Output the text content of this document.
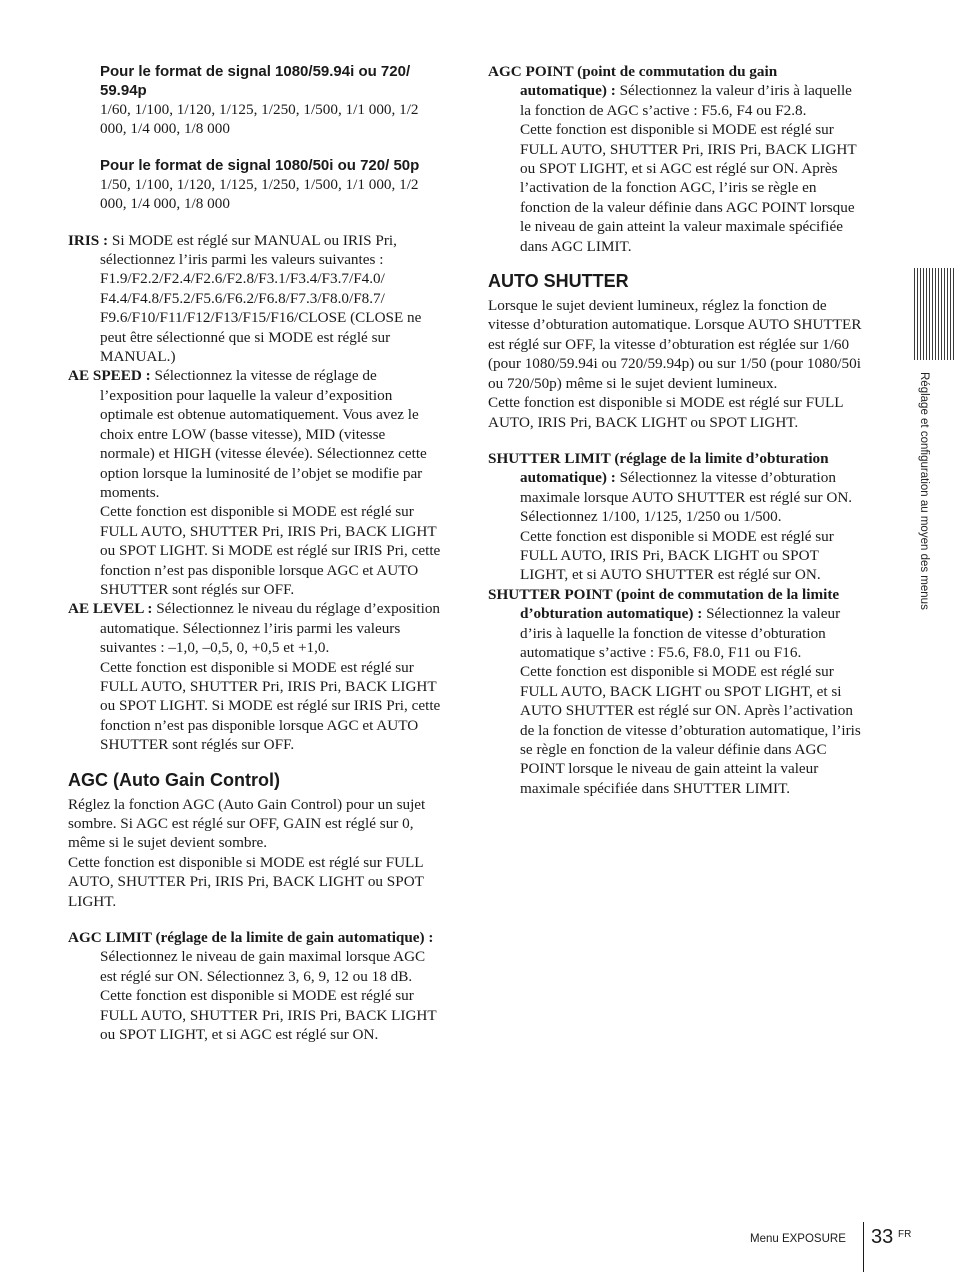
Pour le format de signal 1080/59.94i ou 720/ 59.94p
1/60, 1/100, 1/120, 1/125, 1/250, 1/500, 1/1 000, 1/2 000, 1/4 000, 1/8 000
Pour le format de signal 1080/50i ou 720/ 50p
1/50, 1/100, 1/120, 1/125, 1/250, 1/500, 1/1 000, 1/2 000, 1/4 000, 1/8 000
IRIS : Si MODE est réglé sur MANUAL ou IRIS Pri, sélectionnez l’iris parmi les valeurs suivantes : F1.9/F2.2/F2.4/F2.6/F2.8/F3.1/F3.4/F3.7/F4.0/ F4.4/F4.8/F5.2/F5.6/F6.2/F6.8/F7.3/F8.0/F8.7/ F9.6/F10/F11/F12/F13/F15/F16/CLOSE (CLOSE ne peut être sélectionné que si MODE est réglé sur MANUAL.)
AE SPEED : Sélectionnez la vitesse de réglage de l’exposition pour laquelle la valeur d’exposition optimale est obtenue automatiquement. Vous avez le choix entre LOW (basse vitesse), MID (vitesse normale) et HIGH (vitesse élevée). Sélectionnez cette option lorsque la luminosité de l’objet se modifie par moments.
Cette fonction est disponible si MODE est réglé sur FULL AUTO, SHUTTER Pri, IRIS Pri, BACK LIGHT ou SPOT LIGHT. Si MODE est réglé sur IRIS Pri, cette fonction n’est pas disponible lorsque AGC et AUTO SHUTTER sont réglés sur OFF.
AE LEVEL : Sélectionnez le niveau du réglage d’exposition automatique. Sélectionnez l’iris parmi les valeurs suivantes : –1,0, –0,5, 0, +0,5 et +1,0.
Cette fonction est disponible si MODE est réglé sur FULL AUTO, SHUTTER Pri, IRIS Pri, BACK LIGHT ou SPOT LIGHT. Si MODE est réglé sur IRIS Pri, cette fonction n’est pas disponible lorsque AGC et AUTO SHUTTER sont réglés sur OFF.
AGC (Auto Gain Control)

Réglez la fonction AGC (Auto Gain Control) pour un sujet sombre. Si AGC est réglé sur OFF, GAIN est réglé sur 0, même si le sujet devient sombre.

Cette fonction est disponible si MODE est réglé sur FULL AUTO, SHUTTER Pri, IRIS Pri, BACK LIGHT ou SPOT LIGHT.

AGC LIMIT (réglage de la limite de gain automatique) : Sélectionnez le niveau de gain maximal lorsque AGC est réglé sur ON. Sélectionnez 3, 6, 9, 12 ou 18 dB.
Cette fonction est disponible si MODE est réglé sur FULL AUTO, SHUTTER Pri, IRIS Pri, BACK LIGHT ou SPOT LIGHT, et si AGC est réglé sur ON.
AGC POINT (point de commutation du gain automatique) : Sélectionnez la valeur d’iris à laquelle la fonction de AGC s’active : F5.6, F4 ou F2.8.
Cette fonction est disponible si MODE est réglé sur FULL AUTO, SHUTTER Pri, IRIS Pri, BACK LIGHT ou SPOT LIGHT, et si AGC est réglé sur ON. Après l’activation de la fonction AGC, l’iris se règle en fonction de la valeur définie dans AGC POINT lorsque le niveau de gain atteint la valeur maximale spécifiée dans AGC LIMIT.
AUTO SHUTTER

Lorsque le sujet devient lumineux, réglez la fonction de vitesse d’obturation automatique. Lorsque AUTO SHUTTER est réglé sur OFF, la vitesse d’obturation est réglée sur 1/60 (pour 1080/59.94i ou 720/59.94p) ou sur 1/50 (pour 1080/50i ou 720/50p) même si le sujet devient lumineux.

Cette fonction est disponible si MODE est réglé sur FULL AUTO, IRIS Pri, BACK LIGHT ou SPOT LIGHT.

SHUTTER LIMIT (réglage de la limite d’obturation automatique) : Sélectionnez la vitesse d’obturation maximale lorsque AUTO SHUTTER est réglé sur ON. Sélectionnez 1/100, 1/125, 1/250 ou 1/500.
Cette fonction est disponible si MODE est réglé sur FULL AUTO, IRIS Pri, BACK LIGHT ou SPOT LIGHT, et si AUTO SHUTTER est réglé sur ON.
SHUTTER POINT (point de commutation de la limite d’obturation automatique) : Sélectionnez la valeur d’iris à laquelle la fonction de vitesse d’obturation automatique s’active : F5.6, F8.0, F11 ou F16.
Cette fonction est disponible si MODE est réglé sur FULL AUTO, BACK LIGHT ou SPOT LIGHT, et si AUTO SHUTTER est réglé sur ON. Après l’activation de la fonction de vitesse d’obturation automatique, l’iris se règle en fonction de la valeur définie dans AGC POINT lorsque le niveau de gain atteint la valeur maximale spécifiée dans SHUTTER LIMIT.
Réglage et configuration au moyen des menus
Menu EXPOSURE 33 FR
